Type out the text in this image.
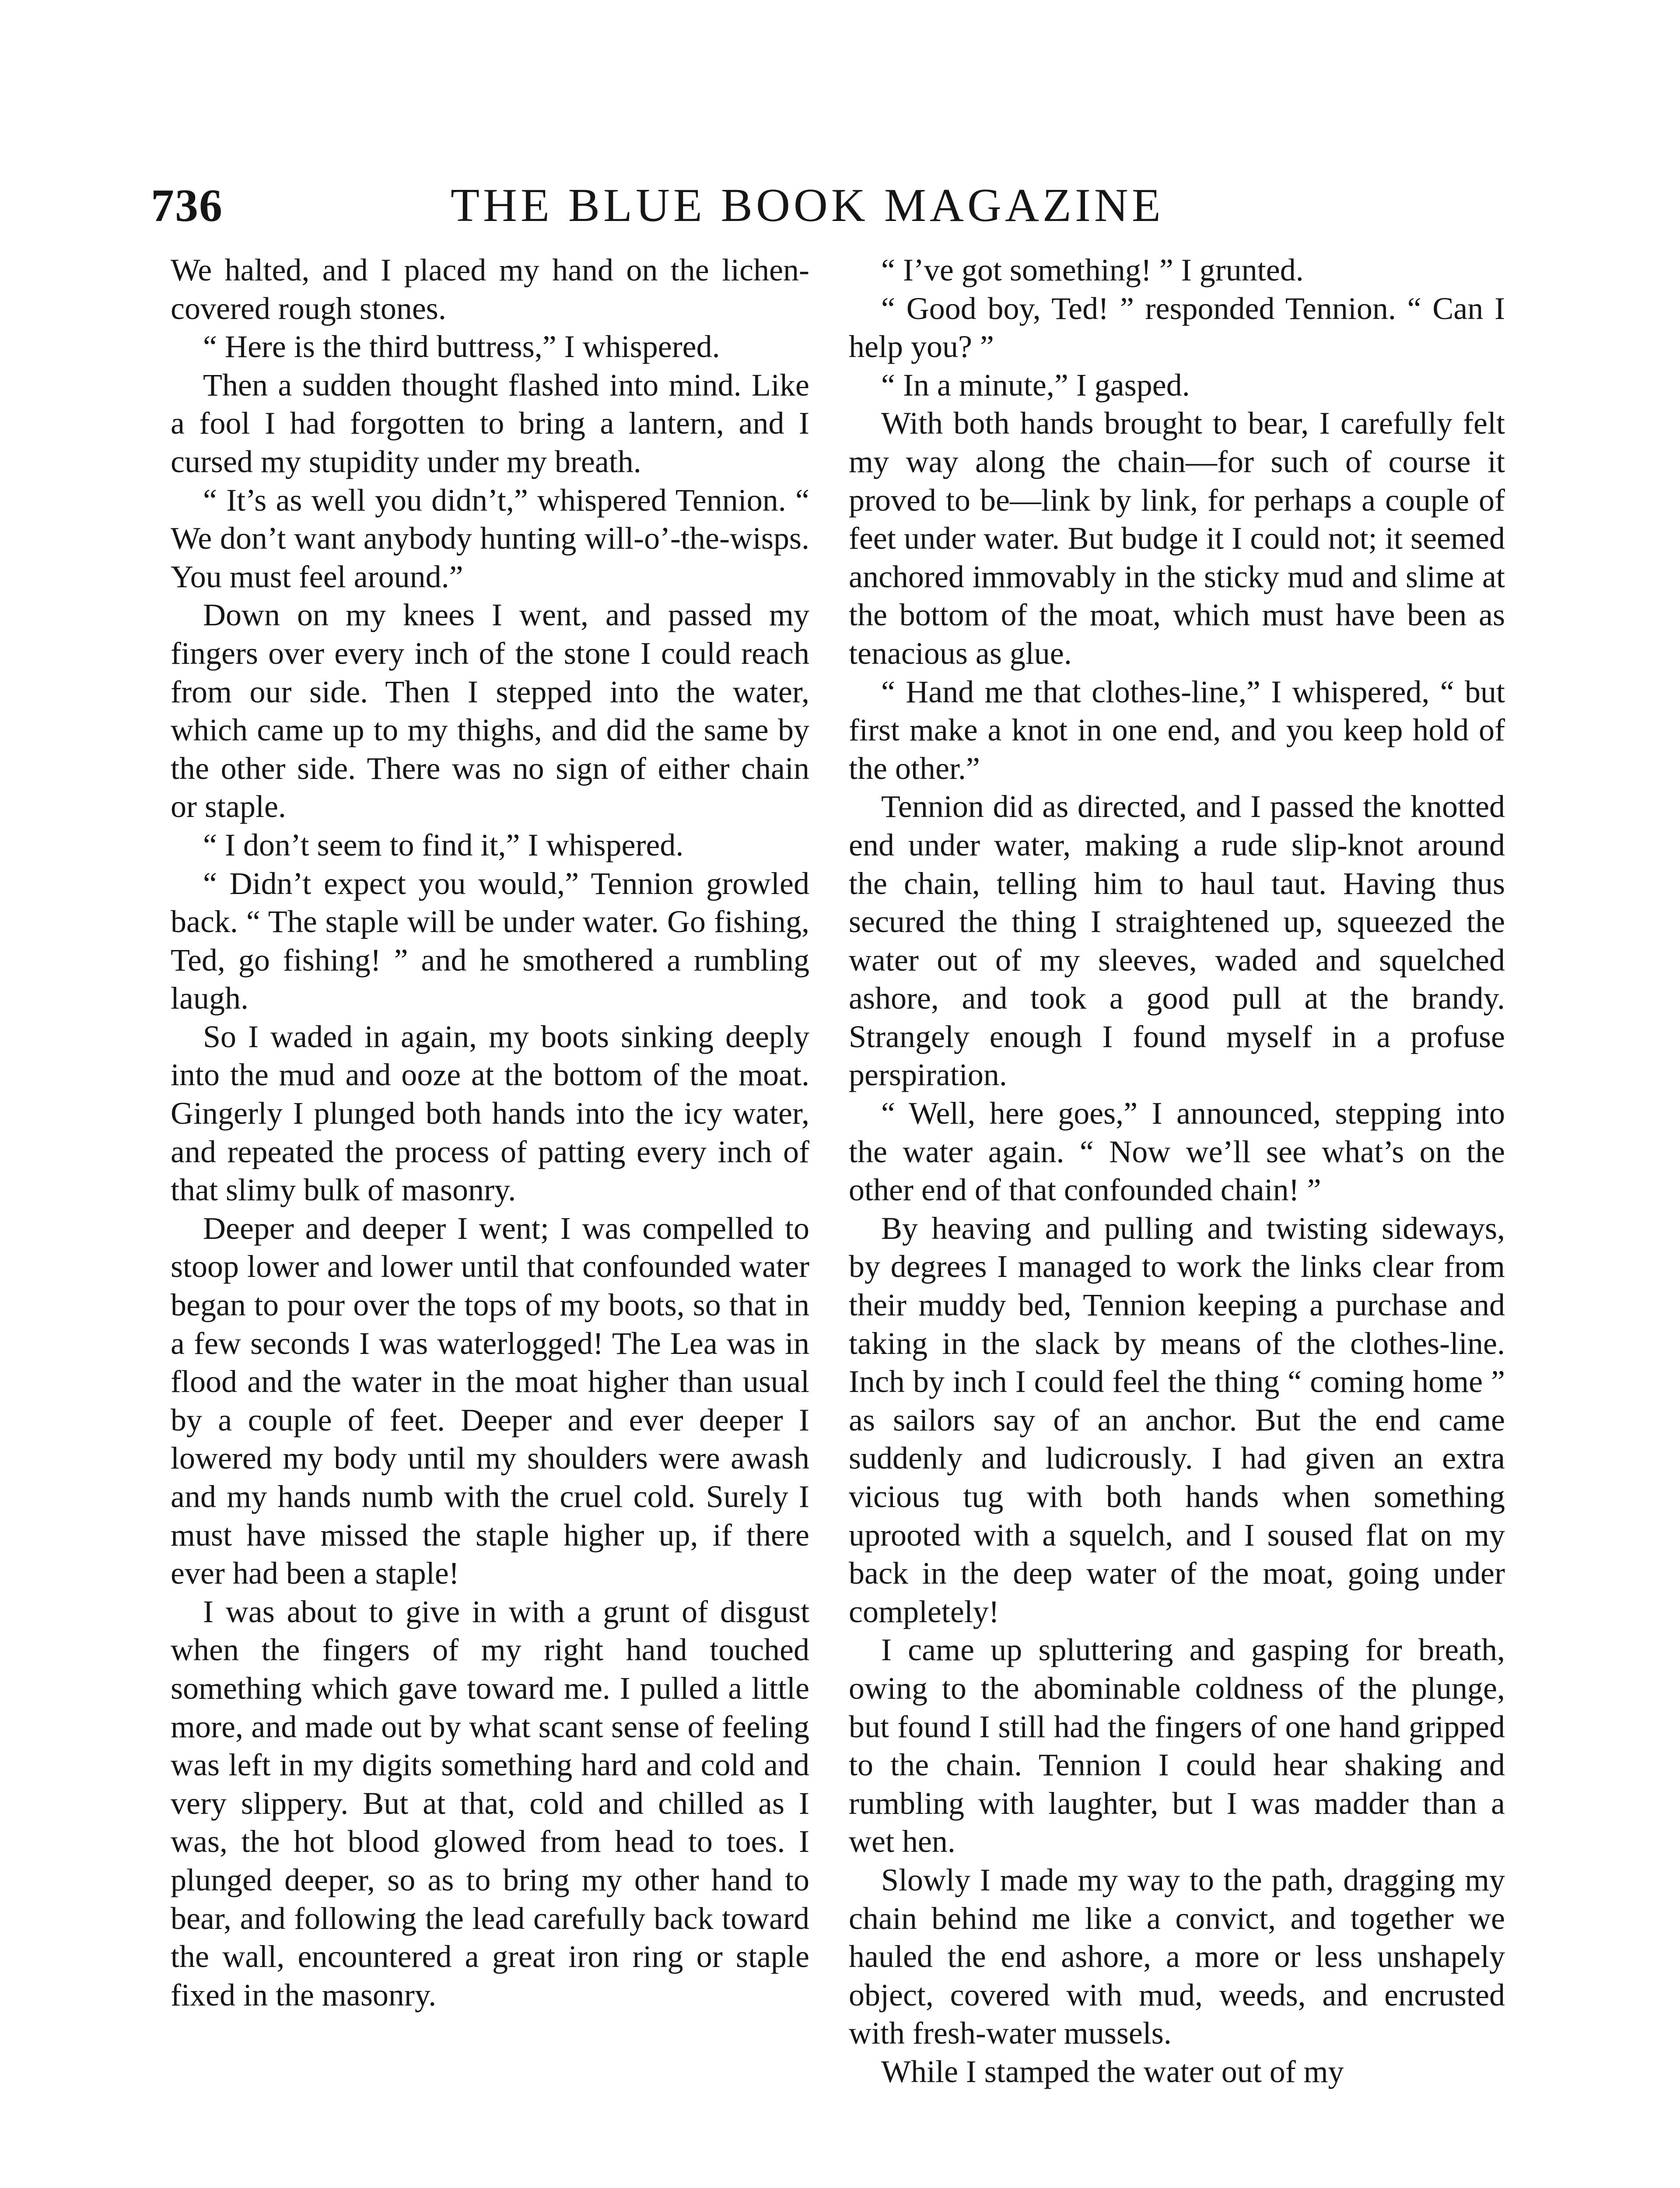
736	THE BLUE BOOK MAGAZINE

We halted, and I placed my hand on the lichen-covered rough stones.

“ Here is the third buttress,” I whispered.

Then a sudden thought flashed into mind. Like a fool I had forgotten to bring a lantern, and I cursed my stupidity under my breath.

“ It’s as well you didn’t,” whispered Tennion. “ We don’t want anybody hunting will-o’-the-wisps. You must feel around.”

Down on my knees I went, and passed my fingers over every inch of the stone I could reach from our side. Then I stepped into the water, which came up to my thighs, and did the same by the other side. There was no sign of either chain or staple.

“ I don’t seem to find it,” I whispered.

“ Didn’t expect you would,” Tennion growled back. “ The staple will be under water. Go fishing, Ted, go fishing! ” and he smothered a rumbling laugh.

So I waded in again, my boots sinking deeply into the mud and ooze at the bottom of the moat. Gingerly I plunged both hands into the icy water, and repeated the process of patting every inch of that slimy bulk of masonry.

Deeper and deeper I went; I was compelled to stoop lower and lower until that confounded water began to pour over the tops of my boots, so that in a few seconds I was waterlogged! The Lea was in flood and the water in the moat higher than usual by a couple of feet. Deeper and ever deeper I lowered my body until my shoulders were awash and my hands numb with the cruel cold. Surely I must have missed the staple higher up, if there ever had been a staple!

I was about to give in with a grunt of disgust when the fingers of my right hand touched something which gave toward me. I pulled a little more, and made out by what scant sense of feeling was left in my digits something hard and cold and very slippery. But at that, cold and chilled as I was, the hot blood glowed from head to toes. I plunged deeper, so as to bring my other hand to bear, and following the lead carefully back toward the wall, encountered a great iron ring or staple fixed in the masonry.

“ I’ve got something! ” I grunted.

“ Good boy, Ted! ” responded Tennion. “ Can I help you? ”

“ In a minute,” I gasped.

With both hands brought to bear, I carefully felt my way along the chain—for such of course it proved to be—link by link, for perhaps a couple of feet under water. But budge it I could not; it seemed anchored immovably in the sticky mud and slime at the bottom of the moat, which must have been as tenacious as glue.

“ Hand me that clothes-line,” I whispered, “ but first make a knot in one end, and you keep hold of the other.”

Tennion did as directed, and I passed the knotted end under water, making a rude slip-knot around the chain, telling him to haul taut. Having thus secured the thing I straightened up, squeezed the water out of my sleeves, waded and squelched ashore, and took a good pull at the brandy. Strangely enough I found myself in a profuse perspiration.

“ Well, here goes,” I announced, stepping into the water again. “ Now we’ll see what’s on the other end of that confounded chain! ”

By heaving and pulling and twisting sideways, by degrees I managed to work the links clear from their muddy bed, Tennion keeping a purchase and taking in the slack by means of the clothes-line. Inch by inch I could feel the thing “ coming home ” as sailors say of an anchor. But the end came suddenly and ludicrously. I had given an extra vicious tug with both hands when something uprooted with a squelch, and I soused flat on my back in the deep water of the moat, going under completely!

I came up spluttering and gasping for breath, owing to the abominable coldness of the plunge, but found I still had the fingers of one hand gripped to the chain. Tennion I could hear shaking and rumbling with laughter, but I was madder than a wet hen.

Slowly I made my way to the path, dragging my chain behind me like a convict, and together we hauled the end ashore, a more or less unshapely object, covered with mud, weeds, and encrusted with fresh-water mussels.

While I stamped the water out of my
